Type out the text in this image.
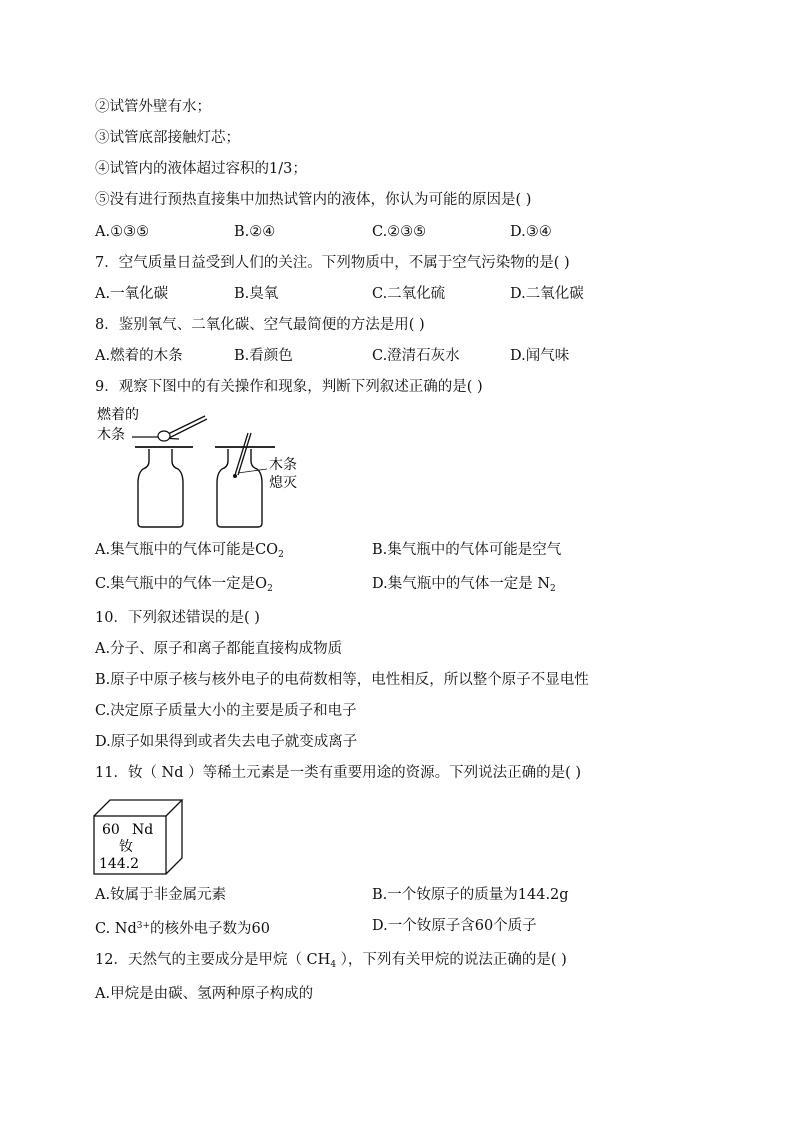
②试管外壁有水；
③试管底部接触灯芯；
④试管内的液体超过容积的1/3；
⑤没有进行预热直接集中加热试管内的液体，你认为可能的原因是( )
A.①③⑤	B.②④	C.②③⑤	D.③④
7．空气质量日益受到人们的关注。下列物质中，不属于空气污染物的是( )
A.一氧化碳	B.臭氧	C.二氧化硫	D.二氧化碳
8．鉴别氧气、二氧化碳、空气最简便的方法是用( )
A.燃着的木条	B.看颜色	C.澄清石灰水	D.闻气味
9．观察下图中的有关操作和现象，判断下列叙述正确的是( )
燃着的
木条
木条
熄灭
A.集气瓶中的气体可能是$CO_2$	B.集气瓶中的气体可能是空气
C.集气瓶中的气体一定是$O_2$	D.集气瓶中的气体一定是 $N_2$
10．下列叙述错误的是( )
A.分子、原子和离子都能直接构成物质
B.原子中原子核与核外电子的电荷数相等，电性相反，所以整个原子不显电性
C.决定原子质量大小的主要是质子和电子
D.原子如果得到或者失去电子就变成离子
11．钕（ Nd ）等稀土元素是一类有重要用途的资源。下列说法正确的是( )
60 Nd
钕
144.2
A.钕属于非金属元素	B.一个钕原子的质量为144.2g
C. $Nd^{3+}$的核外电子数为60	D.一个钕原子含60个质子
12．天然气的主要成分是甲烷（ $CH_4$ ），下列有关甲烷的说法正确的是( )
A.甲烷是由碳、氢两种原子构成的
